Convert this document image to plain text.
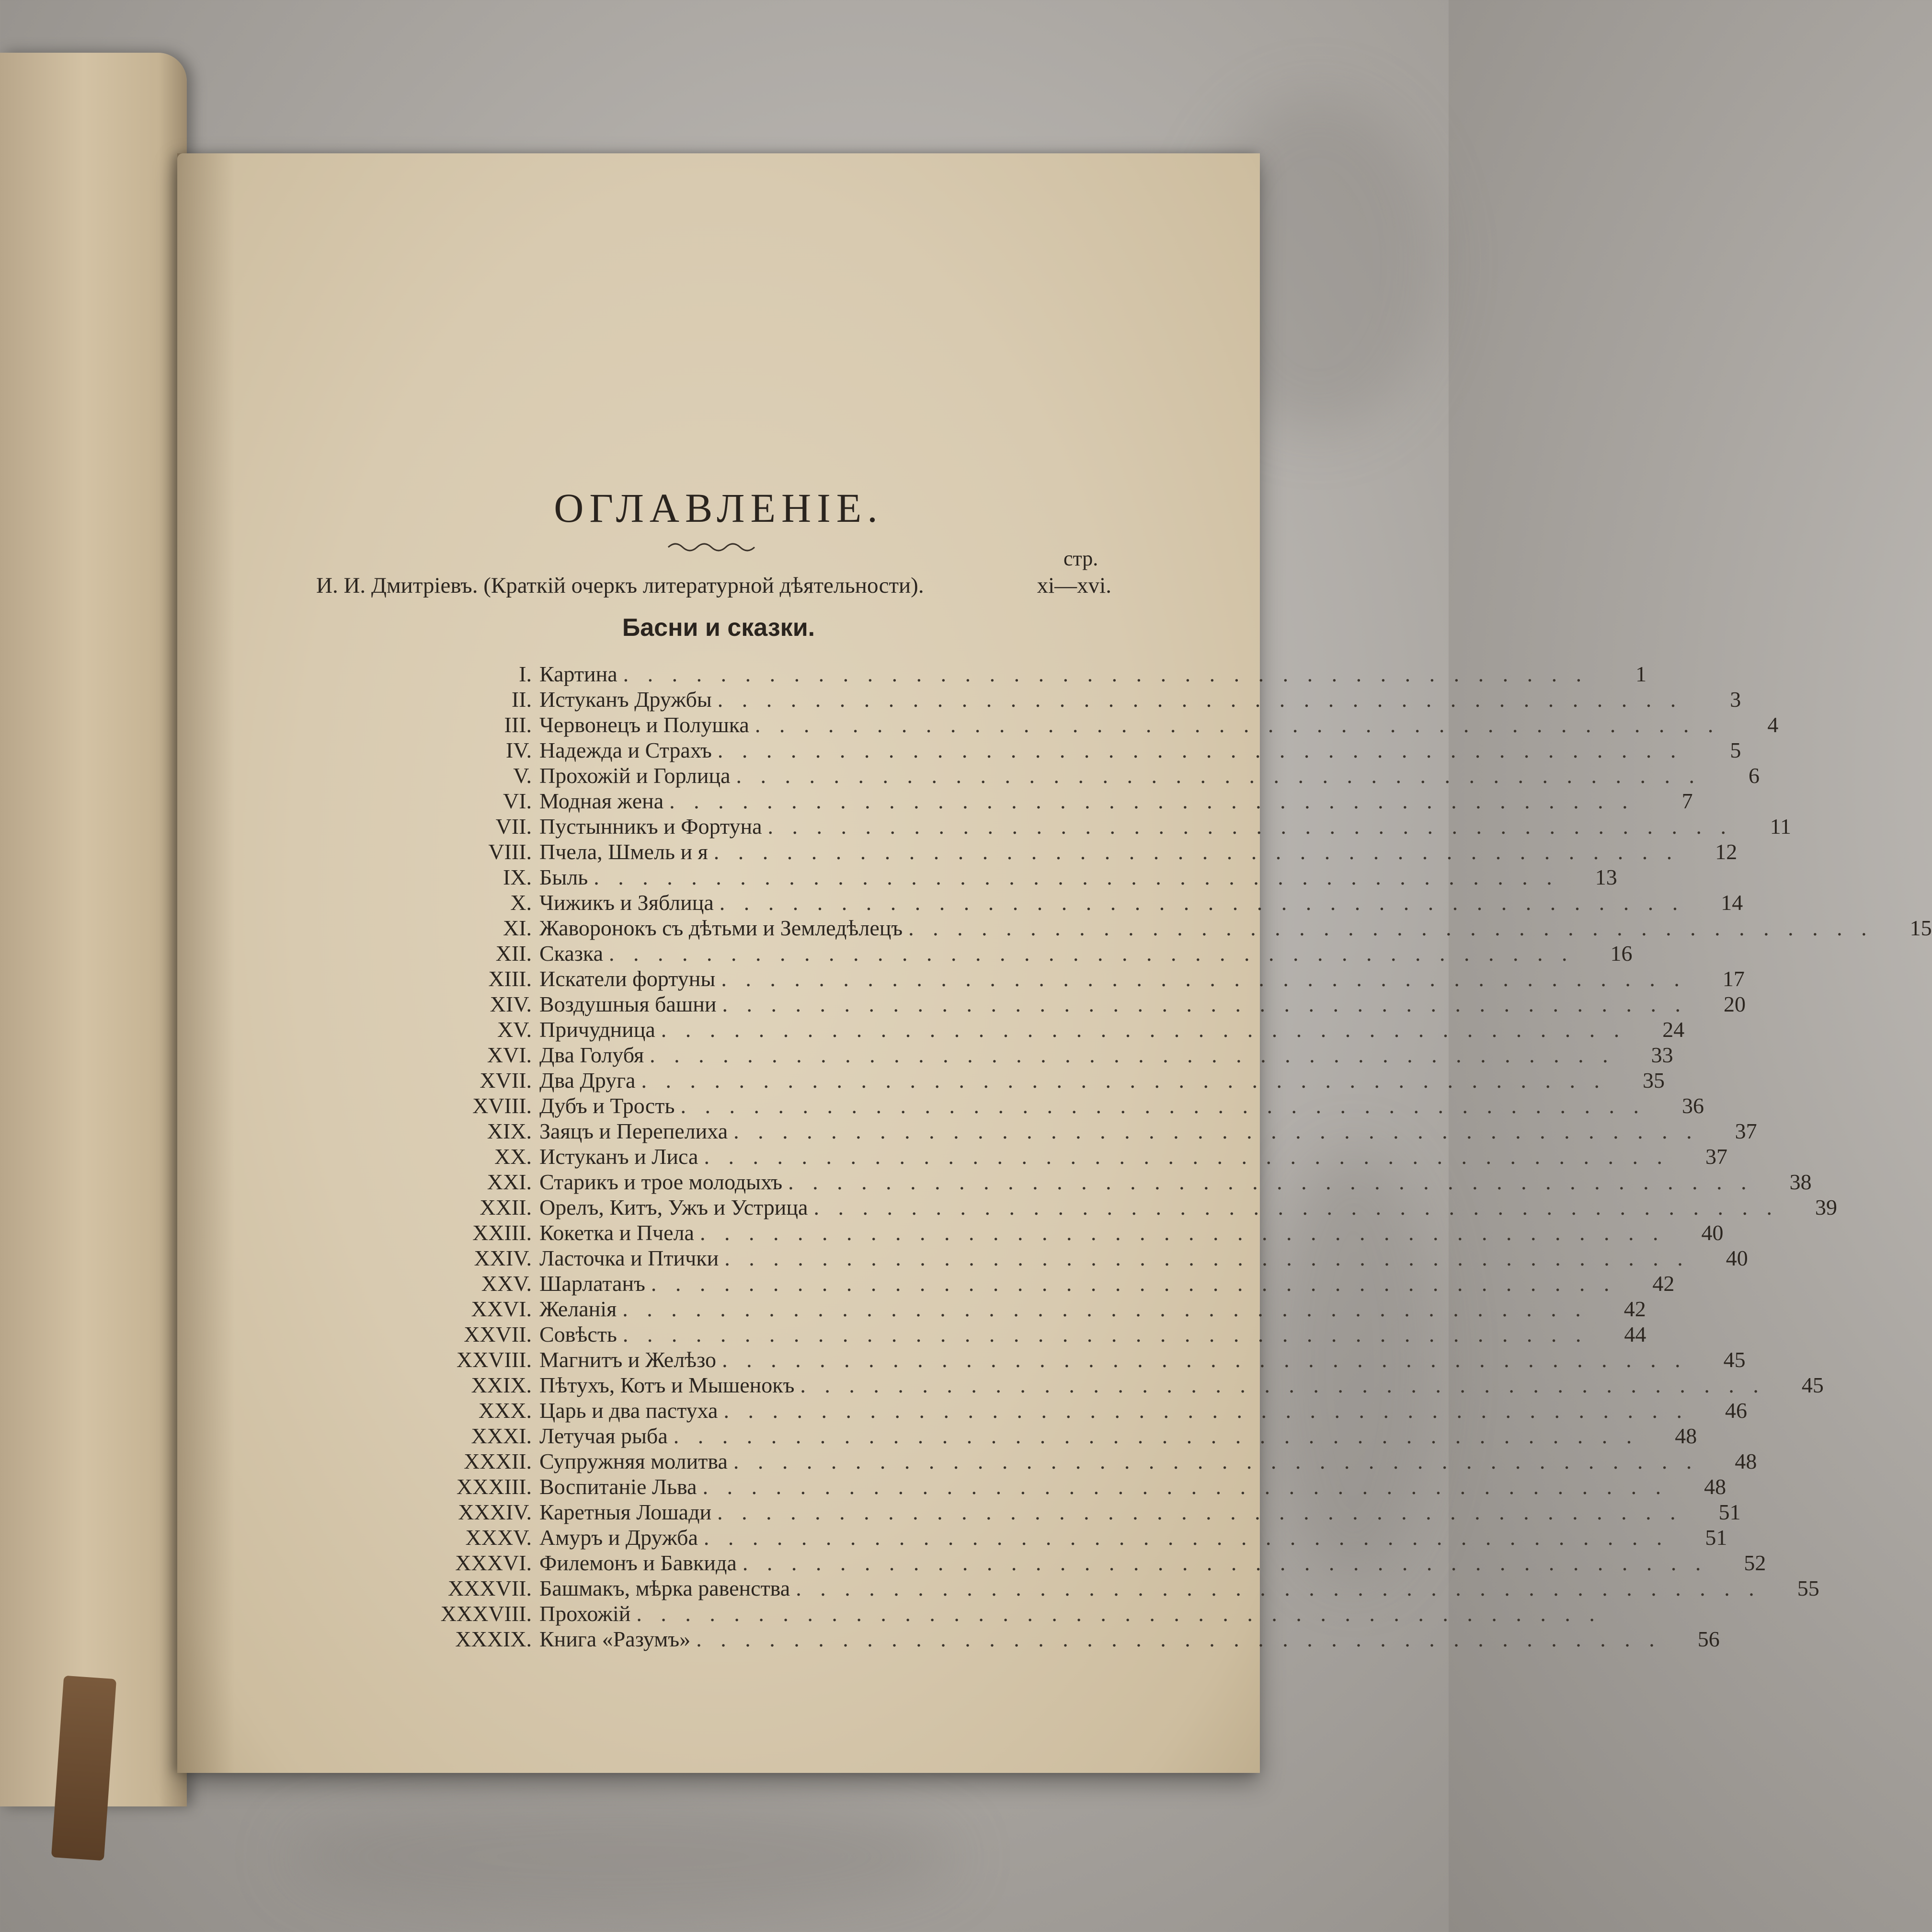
ОГЛАВЛЕНIЕ.
стр.
И. И. Дмитріевъ. (Краткій очеркъ литературной дѣятельности).	xi—xvi.
Басни и сказки.
I. Картина . . . . . . . . . . . . . . . . . . . . . . . . . . . . . . . . . . . . . . . .	1
II. Истуканъ Дружбы . . . . . . . . . . . . . . . . . . . . . . . . . . . . . . . . . . . . . . . .	3
III. Червонецъ и Полушка . . . . . . . . . . . . . . . . . . . . . . . . . . . . . . . . . . . . . . . .	4
IV. Надежда и Страхъ . . . . . . . . . . . . . . . . . . . . . . . . . . . . . . . . . . . . . . . .	5
V. Прохожій и Горлица . . . . . . . . . . . . . . . . . . . . . . . . . . . . . . . . . . . . . . . .	6
VI. Модная жена . . . . . . . . . . . . . . . . . . . . . . . . . . . . . . . . . . . . . . . .	7
VII. Пустынникъ и Фортуна . . . . . . . . . . . . . . . . . . . . . . . . . . . . . . . . . . . . . . . .	11
VIII. Пчела, Шмель и я . . . . . . . . . . . . . . . . . . . . . . . . . . . . . . . . . . . . . . . .	12
IX. Быль . . . . . . . . . . . . . . . . . . . . . . . . . . . . . . . . . . . . . . . .	13
X. Чижикъ и Зяблица . . . . . . . . . . . . . . . . . . . . . . . . . . . . . . . . . . . . . . . .	14
XI. Жаворонокъ съ дѣтьми и Земледѣлецъ . . . . . . . . . . . . . . . . . . . . . . . . . . . . . . . . . . . . . . . .	15
XII. Сказка . . . . . . . . . . . . . . . . . . . . . . . . . . . . . . . . . . . . . . . .	16
XIII. Искатели фортуны . . . . . . . . . . . . . . . . . . . . . . . . . . . . . . . . . . . . . . . .	17
XIV. Воздушныя башни . . . . . . . . . . . . . . . . . . . . . . . . . . . . . . . . . . . . . . . .	20
XV. Причудница . . . . . . . . . . . . . . . . . . . . . . . . . . . . . . . . . . . . . . . .	24
XVI. Два Голубя . . . . . . . . . . . . . . . . . . . . . . . . . . . . . . . . . . . . . . . .	33
XVII. Два Друга . . . . . . . . . . . . . . . . . . . . . . . . . . . . . . . . . . . . . . . .	35
XVIII. Дубъ и Трость . . . . . . . . . . . . . . . . . . . . . . . . . . . . . . . . . . . . . . . .	36
XIX. Заяцъ и Перепелиха . . . . . . . . . . . . . . . . . . . . . . . . . . . . . . . . . . . . . . . .	37
XX. Истуканъ и Лиса . . . . . . . . . . . . . . . . . . . . . . . . . . . . . . . . . . . . . . . .	37
XXI. Старикъ и трое молодыхъ . . . . . . . . . . . . . . . . . . . . . . . . . . . . . . . . . . . . . . . .	38
XXII. Орелъ, Китъ, Ужъ и Устрица . . . . . . . . . . . . . . . . . . . . . . . . . . . . . . . . . . . . . . . .	39
XXIII. Кокетка и Пчела . . . . . . . . . . . . . . . . . . . . . . . . . . . . . . . . . . . . . . . .	40
XXIV. Ласточка и Птички . . . . . . . . . . . . . . . . . . . . . . . . . . . . . . . . . . . . . . . .	40
XXV. Шарлатанъ . . . . . . . . . . . . . . . . . . . . . . . . . . . . . . . . . . . . . . . .	42
XXVI. Желанія . . . . . . . . . . . . . . . . . . . . . . . . . . . . . . . . . . . . . . . .	42
XXVII. Совѣсть . . . . . . . . . . . . . . . . . . . . . . . . . . . . . . . . . . . . . . . .	44
XXVIII. Магнитъ и Желѣзо . . . . . . . . . . . . . . . . . . . . . . . . . . . . . . . . . . . . . . . .	45
XXIX. Пѣтухъ, Котъ и Мышенокъ . . . . . . . . . . . . . . . . . . . . . . . . . . . . . . . . . . . . . . . .	45
XXX. Царь и два пастуха . . . . . . . . . . . . . . . . . . . . . . . . . . . . . . . . . . . . . . . .	46
XXXI. Летучая рыба . . . . . . . . . . . . . . . . . . . . . . . . . . . . . . . . . . . . . . . .	48
XXXII. Супружняя молитва . . . . . . . . . . . . . . . . . . . . . . . . . . . . . . . . . . . . . . . .	48
XXXIII. Воспитаніе Льва . . . . . . . . . . . . . . . . . . . . . . . . . . . . . . . . . . . . . . . .	48
XXXIV. Каретныя Лошади . . . . . . . . . . . . . . . . . . . . . . . . . . . . . . . . . . . . . . . .	51
XXXV. Амуръ и Дружба . . . . . . . . . . . . . . . . . . . . . . . . . . . . . . . . . . . . . . . .	51
XXXVI. Филемонъ и Бавкида . . . . . . . . . . . . . . . . . . . . . . . . . . . . . . . . . . . . . . . .	52
XXXVII. Башмакъ, мѣрка равенства . . . . . . . . . . . . . . . . . . . . . . . . . . . . . . . . . . . . . . . .	55
XXXVIII. Прохожій . . . . . . . . . . . . . . . . . . . . . . . . . . . . . . . . . . . . . . . .
XXXIX. Книга «Разумъ» . . . . . . . . . . . . . . . . . . . . . . . . . . . . . . . . . . . . . . . .	56
